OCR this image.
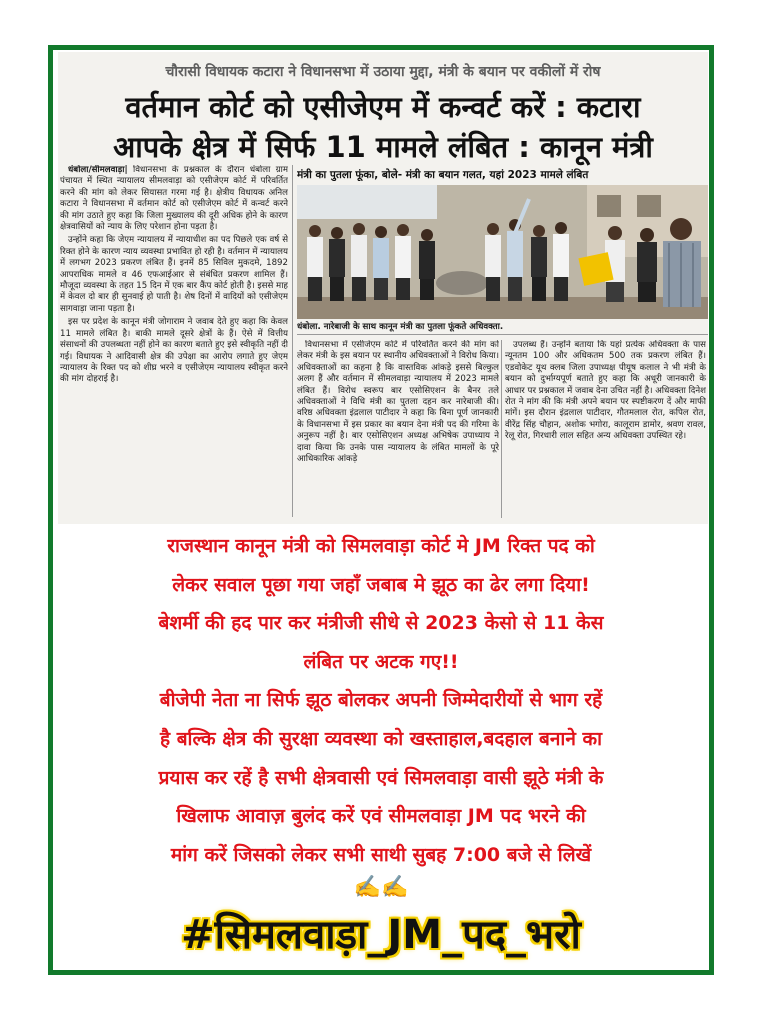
चौरासी विधायक कटारा ने विधानसभा में उठाया मुद्दा, मंत्री के बयान पर वकीलों में रोष
वर्तमान कोर्ट को एसीजेएम में कन्वर्ट करें : कटारा
आपके क्षेत्र में सिर्फ 11 मामले लंबित : कानून मंत्री

धंबोला/सीमलवाड़ा| विधानसभा के प्रश्नकाल के दौरान धंबोला ग्राम पंचायत में स्थित न्यायालय सीमलवाड़ा को एसीजेएम कोर्ट में परिवर्तित करने की मांग को लेकर सियासत गरमा गई है। क्षेत्रीय विधायक अनिल कटारा ने विधानसभा में वर्तमान कोर्ट को एसीजेएम कोर्ट में कन्वर्ट करने की मांग उठाते हुए कहा कि जिला मुख्यालय की दूरी अधिक होने के कारण क्षेत्रवासियों को न्याय के लिए परेशान होना पड़ता है।

उन्होंने कहा कि जेएम न्यायालय में न्यायाधीश का पद पिछले एक वर्ष से रिक्त होने के कारण न्याय व्यवस्था प्रभावित हो रही है। वर्तमान में न्यायालय में लगभग 2023 प्रकरण लंबित हैं। इनमें 85 सिविल मुकदमे, 1892 आपराधिक मामले व 46 एफआईआर से संबंधित प्रकरण शामिल हैं। मौजूदा व्यवस्था के तहत 15 दिन में एक बार कैंप कोर्ट होती है। इससे माह में केवल दो बार ही सुनवाई हो पाती है। शेष दिनों में वादियों को एसीजेएम सागवाड़ा जाना पड़ता है।

इस पर प्रदेश के कानून मंत्री जोगाराम ने जवाब देते हुए कहा कि केवल 11 मामले लंबित है। बाकी मामले दूसरे क्षेत्रों के हैं। ऐसे में वित्तीय संसाधनों की उपलब्धता नहीं होने का कारण बताते हुए इसे स्वीकृति नहीं दी गई। विधायक ने आदिवासी क्षेत्र की उपेक्षा का आरोप लगाते हुए जेएम न्यायालय के रिक्त पद को शीघ्र भरने व एसीजेएम न्यायालय स्वीकृत करने की मांग दोहराई है।

मंत्री का पुतला फूंका, बोले- मंत्री का बयान गलत, यहां 2023 मामले लंबित
धंबोला. नारेबाजी के साथ कानून मंत्री का पुतला फूंकते अधिवक्ता.

विधानसभा में एसीजेएम कोर्ट में परिवर्तित करने की मांग को लेकर मंत्री के इस बयान पर स्थानीय अधिवक्ताओं ने विरोध किया। अधिवक्ताओं का कहना है कि वास्तविक आंकड़े इससे बिल्कुल अलग हैं और वर्तमान में सीमलवाड़ा न्यायालय में 2023 मामले लंबित हैं। विरोध स्वरूप बार एसोसिएशन के बैनर तले अधिवक्ताओं ने विधि मंत्री का पुतला दहन कर नारेबाजी की। वरिष्ठ अधिवक्ता इंद्रलाल पाटीदार ने कहा कि बिना पूर्ण जानकारी के विधानसभा में इस प्रकार का बयान देना मंत्री पद की गरिमा के अनुरूप नहीं है। बार एसोसिएशन अध्यक्ष अभिषेक उपाध्याय ने दावा किया कि उनके पास न्यायालय के लंबित मामलों के पूरे आधिकारिक आंकड़े

उपलब्ध हैं। उन्होंने बताया कि यहां प्रत्येक अधिवक्ता के पास न्यूनतम 100 और अधिकतम 500 तक प्रकरण लंबित हैं। एडवोकेट यूथ क्लब जिला उपाध्यक्ष पीयूष कलाल ने भी मंत्री के बयान को दुर्भाग्यपूर्ण बताते हुए कहा कि अधूरी जानकारी के आधार पर प्रश्नकाल में जवाब देना उचित नहीं है। अधिवक्ता दिनेश रोत ने मांग की कि मंत्री अपने बयान पर स्पष्टीकरण दें और माफी मांगें। इस दौरान इंद्रलाल पाटीदार, गौतमलाल रोत, कपिल रोत, वीरेंद्र सिंह चौहान, अशोक भगोरा, कालूराम डामोर, श्रवण रावल, रेलू रोत, गिरधारी लाल सहित अन्य अधिवक्ता उपस्थित रहे।

राजस्थान कानून मंत्री को सिमलवाड़ा कोर्ट मे JM रिक्त पद को
लेकर सवाल पूछा गया जहाँ जबाब मे झूठ का ढेर लगा दिया!
बेशर्मी की हद पार कर मंत्रीजी सीधे से 2023 केसो से 11 केस
लंबित पर अटक गए!!
बीजेपी नेता ना सिर्फ झूठ बोलकर अपनी जिम्मेदारीयों से भाग रहें
है बल्कि क्षेत्र की सुरक्षा व्यवस्था को खस्ताहाल,बदहाल बनाने का
प्रयास कर रहें है सभी क्षेत्रवासी एवं सिमलवाड़ा वासी झूठे मंत्री के
खिलाफ आवाज़ बुलंद करें एवं सीमलवाड़ा JM पद भरने की
मांग करें जिसको लेकर सभी साथी सुबह 7:00 बजे से लिखें
✍️✍️
#सिमलवाड़ा_JM_पद_भरो
